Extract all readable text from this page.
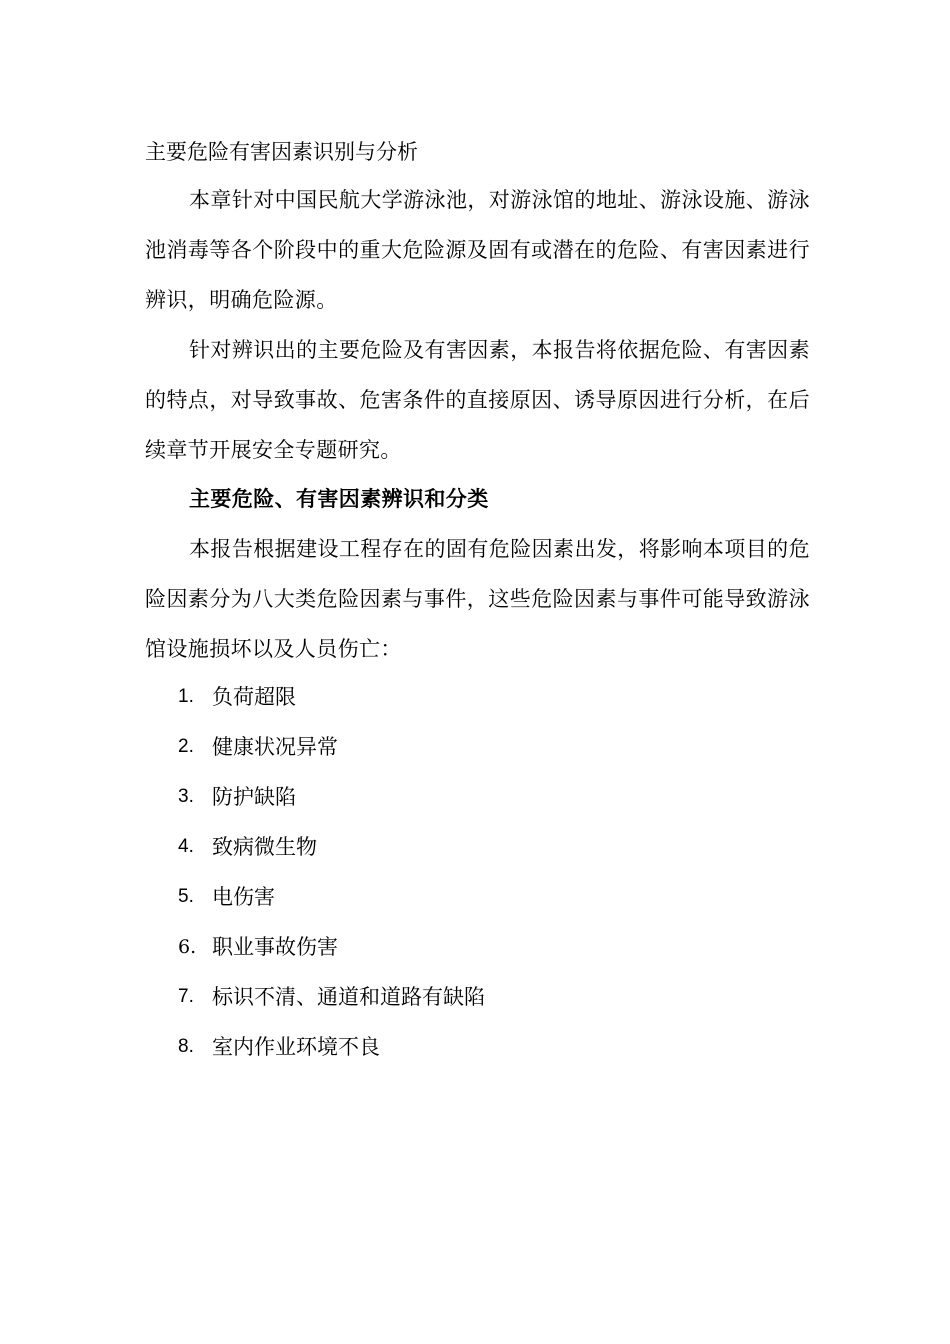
主要危险有害因素识别与分析

本章针对中国民航大学游泳池，对游泳馆的地址、游泳设施、游泳池消毒等各个阶段中的重大危险源及固有或潜在的危险、有害因素进行辨识，明确危险源。

针对辨识出的主要危险及有害因素，本报告将依据危险、有害因素的特点，对导致事故、危害条件的直接原因、诱导原因进行分析，在后续章节开展安全专题研究。

主要危险、有害因素辨识和分类

本报告根据建设工程存在的固有危险因素出发，将影响本项目的危险因素分为八大类危险因素与事件，这些危险因素与事件可能导致游泳馆设施损坏以及人员伤亡：

1. 负荷超限
2. 健康状况异常
3. 防护缺陷
4. 致病微生物
5. 电伤害
6. 职业事故伤害
7. 标识不清、通道和道路有缺陷
8. 室内作业环境不良
